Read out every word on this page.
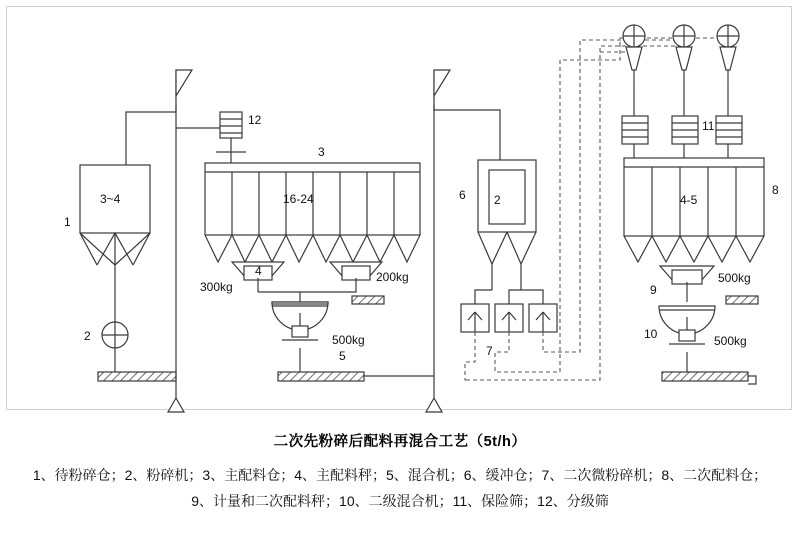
1
3~4
2
12
3
16-24
4
300kg
200kg
500kg
5
6 2
7
8
4-5
9
500kg
10	500kg
11
二次先粉碎后配料再混合工艺（5t/h）
1、待粉碎仓；2、粉碎机；3、主配料仓；4、主配料秤；5、混合机；6、缓冲仓；7、二次微粉碎机；8、二次配料仓；
9、计量和二次配料秤；10、二级混合机；11、保险筛；12、分级筛
